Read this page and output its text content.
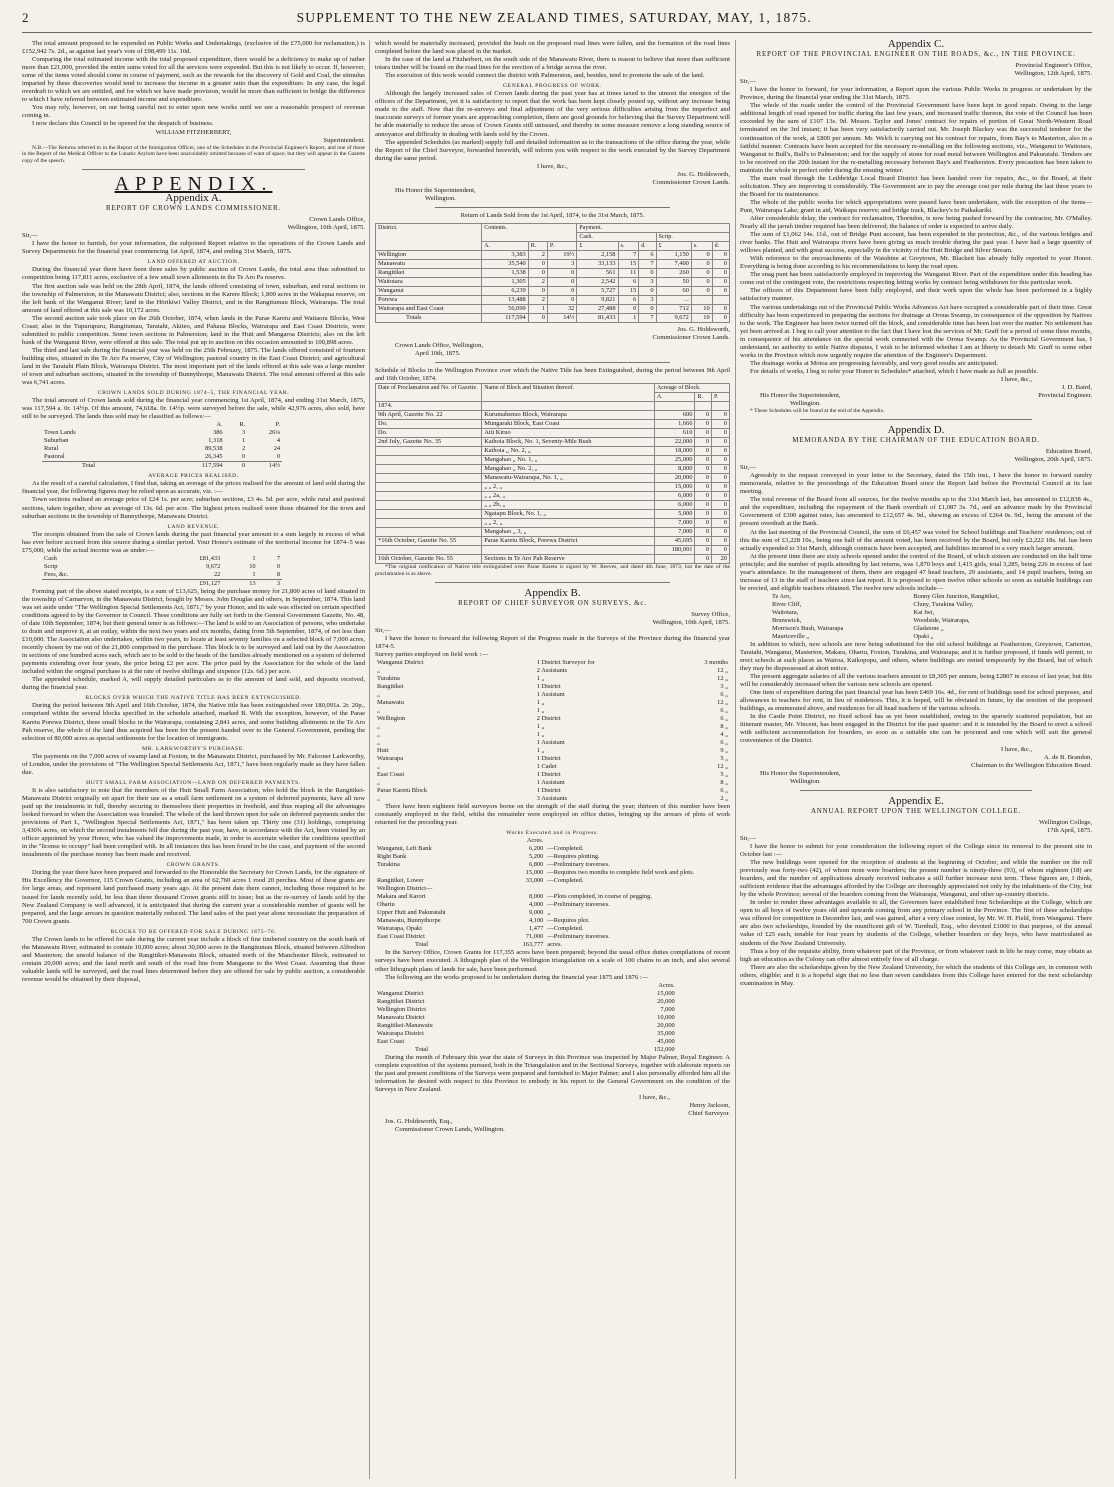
2	SUPPLEMENT TO THE NEW ZEALAND TIMES, SATURDAY, MAY, 1, 1875.

The total amount proposed to be expended on Public Works and Undertakings, (exclusive of the £75,000 for reclamation,) is £152,942 7s. 2d., as against last year's vote of £98,499 11s. 10d.

Comparing the total estimated income with the total proposed expenditure, there would be a deficiency to make up of rather more than £21,000, provided the entire sums voted for all the services were expended. But this is not likely to occur. If, however, some of the items voted should come in course of payment, such as the rewards for the discovery of Gold and Coal, the stimulus imparted by these discoveries would tend to increase the income in a greater ratio than the expenditure. In any case, the legal overdraft to which we are entitled, and for which we have made provision, would be more than sufficient to bridge the difference to which I have referred between estimated income and expenditure.

You may rely, however, on our being careful not to enter upon new works until we see a reasonable prospect of revenue coming in.

I now declare this Council to be opened for the despatch of business.

WILLIAM FITZHERBERT,

Superintendent.

N.B.—The Returns referred to in the Report of the Immigration Officer, one of the Schedules in the Provincial Engineer's Report, and one of those in the Report of the Medical Officer to the Lunatic Asylum have been unavoidably omitted because of want of space, but they will appear in the Gazette copy of the speech.

APPENDIX.
Appendix A.
REPORT OF CROWN LANDS COMMISSIONER.

Crown Lands Office,

Wellington, 10th April, 1875.

Sir,—

I have the honor to furnish, for your information, the subjoined Report relative to the operations of the Crown Lands and Survey Departments for the financial year commencing 1st April, 1874, and ending 31st March, 1875.

LAND OFFERED AT AUCTION.

During the financial year there have been three sales by public auction of Crown Lands, the total area thus submitted to competition being 117,811 acres, exclusive of a few small town allotments in the Te Aro Pa reserve.

The first auction sale was held on the 28th April, 1874, the lands offered consisting of town, suburban, and rural sections in the township of Palmerston, in the Manawatu District; also, sections in the Karere Block; 1,800 acres in the Wakapua reserve, on the left bank of the Wanganui River; land in the Hōrikiwi Valley District, and in the Rangitumau Block, Wairarapa. The total amount of land offered at this sale was 10,172 acres.

The second auction sale took place on the 26th October, 1874, when lands in the Parae Karetu and Waitaora Blocks, West Coast; also in the Tupurupuru, Rangitumau, Taratahi, Akiteo, and Pahaua Blocks, Wairarapa and East Coast Districts, were submitted to public competition. Some town sections in Palmerston; land in the Hutt and Mangaroa Districts; also on the left bank of the Wanganui River, were offered at this sale. The total put up to auction on this occasion amounted to 100,898 acres.

The third and last sale during the financial year was held on the 25th February, 1875. The lands offered consisted of fourteen building sites, situated in the Te Aro Pa reserve, City of Wellington; pastoral country in the East Coast District; and agricultural land in the Taratahi Plain Block, Wairarapa District. The most important part of the lands offered at this sale was a large number of town and suburban sections, situated in the township of Bunnythorpe, Manawatu District. The total amount offered at this sale was 6,741 acres.

CROWN LANDS SOLD DURING 1874–5, THE FINANCIAL YEAR.

The total amount of Crown lands sold during the financial year commencing 1st April, 1874, and ending 31st March, 1875, was 117,594 a. 0r. 14½p. Of this amount, 74,618a. 0r. 14½p. were surveyed before the sale, while 42,976 acres, also sold, have still to be surveyed. The lands thus sold may be classified as follows:—

	A.	R.	P.
Town Lands	386	3	26¼
Suburban	1,318	1	4
Rural	89,538	2	24
Pastoral	26,345	0	0
Total	117,594	0	14½

AVERAGE PRICES REALISED.

As the result of a careful calculation, I find that, taking an average of the prices realised for the amount of land sold during the financial year, the following figures may be relied upon as accurate, viz. :—

Town sections realised an average price of £24 1s. per acre; suburban sections, £3 4s. 5d. per acre, while rural and pastoral sections, taken together, show an average of 13s. 6d. per acre. The highest prices realised were those obtained for the town and suburban sections in the township of Bunnythorpe, Manawatu District.

LAND REVENUE.

The receipts obtained from the sale of Crown lands during the past financial year amount to a sum largely in excess of what has ever before accrued from this source during a similar period. Your Honor's estimate of the territorial income for 1874–5 was £75,000, while the actual income was as under:—

Cash	£81,433	1	7
Scrip	9,672	10	0
Fees, &c.	22	1	8
	£91,127	13	3

Forming part of the above stated receipts, is a sum of £13,625, being the purchase money for 21,800 acres of land situated in the township of Carnarvon, in the Manawatu District, bought by Messrs. John Douglas and others, in September, 1874. This land was set aside under "The Wellington Special Settlements Act, 1871," by your Honor, and its sale was effected on certain specified conditions agreed to by the Governor in Council. These conditions are fully set forth in the General Government Gazette, No. 48, of date 10th September, 1874; but their general tenor is as follows:—The land is sold to an Association of persons, who undertake to drain and improve it, at an outlay, within the next two years and six months, dating from 5th September, 1874, of not less than £10,000. The Association also undertakes, within two years, to locate at least seventy families on a selected block of 7,000 acres, recently chosen by me out of the 21,800 comprised in the purchase. This block is to be surveyed and laid out by the Association in sections of one hundred acres each, which are to be sold to the heads of the families already mentioned on a system of deferred payments extending over four years, the price being £2 per acre. The price paid by the Association for the whole of the land included within the original purchase is at the rate of twelve shillings and sixpence (12s. 6d.) per acre.

The appended schedule, marked A, will supply detailed particulars as to the amount of land sold, and deposits received, during the financial year.

BLOCKS OVER WHICH THE NATIVE TITLE HAS BEEN EXTINGUISHED.

During the period between 9th April and 16th October, 1874, the Native title has been extinguished over 180,091a. 2r. 20p., comprised within the several blocks specified in the schedule attached, marked B. With the exception, however, of the Parae Karetu Porewa District, three small blocks in the Wairarapa, containing 2,841 acres, and some building allotments in the Te Aro Pah reserve, the whole of the land thus acquired has been for the present handed over to the General Government, pending the selection of 80,000 acres as special settlements for the location of immigrants.

MR. LARKWORTHY'S PURCHASE.

The payments on the 7,000 acres of swamp land at Foxton, in the Manawatu District, purchased by Mr. Falconer Larkworthy, of London, under the provisions of "The Wellington Special Settlements Act, 1871," have been regularly made as they have fallen due.

HUTT SMALL FARM ASSOCIATION—LAND ON DEFERRED PAYMENTS.

It is also satisfactory to note that the members of the Hutt Small Farm Association, who hold the block in the Rangitikei-Manawatu District originally set apart for their use as a small farm settlement on a system of deferred payments, have all now paid up the instalments in full, thereby securing to themselves their properties in freehold, and thus reaping all the advantages looked forward to when the Association was founded. The whole of the land thrown open for sale on deferred payments under the provisions of Part I., "Wellington Special Settlements Act, 1871," has been taken up. Thirty one (31) holdings, comprising 3,430¾ acres, on which the second instalments fell due during the past year, have, in accordance with the Act, been visited by an officer appointed by your Honor, who has valued the improvements made, in order to ascertain whether the conditions specified in the "license to occupy" had been complied with. In all instances this has been found to be the case, and payment of the second instalments of the purchase money has been made and received.

CROWN GRANTS.

During the year there have been prepared and forwarded to the Honorable the Secretary for Crown Lands, for the signature of His Excellency the Governor, 115 Crown Grants, including an area of 62,760 acres 1 rood 20 perches. Most of these grants are for large areas, and represent land purchased many years ago. At the present date there cannot, including those required to be issued for lands recently sold, be less than three thousand Crown grants still to issue; but as the re-survey of lands sold by the New Zealand Company is well advanced, it is anticipated that during the current year a considerable number of grants will be prepared, and the large arrears in question materially reduced. The land sales of the past year alone necessitate the preparation of 700 Crown grants.

BLOCKS TO BE OFFERED FOR SALE DURING 1875–76.

The Crown lands to be offered for sale during the current year include a block of fine timbered country on the south bank of the Manawatu River, estimated to contain 10,000 acres; about 30,000 acres in the Rangitumau Block, situated between Alfredton and Masterton; the unsold balance of the Rangitikei-Manawatu Block, situated north of the Manchester Block, estimated to contain 20,000 acres; and the land north and south of the road line from Mangaone to the West Coast. Assuming that these valuable lands will be surveyed, and the road lines determined before they are offered for sale by public auction, a considerable revenue would be obtained by their disposal,

which would be materially increased, provided the bush on the proposed road lines were fallen, and the formation of the road lines completed before the land was placed in the market.

In the case of the land at Fitzherbert, on the south side of the Manawatu River, there is reason to believe that more than sufficient totara timber will be found on the road lines for the erection of a bridge across the river.

The execution of this work would connect the district with Palmerston, and, besides, tend to promote the sale of the land.

GENERAL PROGRESS OF WORK.

Although the largely increased sales of Crown lands during the past year has at times taxed to the utmost the energies of the officers of the Department, yet it is satisfactory to report that the work has been kept closely posted up, without any increase being made to the staff. Now that the re-surveys and final adjustment of the very serious difficulties arising from the imperfect and inaccurate surveys of former years are approaching completion, there are good grounds for believing that the Survey Department will be able materially to reduce the areas of Crown Grants still unissued, and thereby in some measure remove a long standing source of annoyance and difficulty in dealing with lands sold by the Crown.

The appended Schedules (as marked) supply full and detailed information as to the transactions of the office during the year, while the Report of the Chief Surveyor, forwarded herewith, will inform you with respect to the work executed by the Survey Department during the same period.

I have, &c.,

Jos. G. Holdsworth,

Commissioner Crown Lands.

His Honor the Superintendent,

Wellington.

Return of Lands Sold from the 1st April, 1874, to the 31st March, 1875.

District.	Contents.			Payment.					
				Cash.			Scrip.		
	A.	R.	P.	£	s.	d.	£	s.	d.
Wellington	3,383	2	19½	2,158	7	6	1,150	0	0
Manawatu	35,540	0	3	33,133	15	7	7,400	0	0
Rangitikei	1,538	0	0	561	11	0	260	0	0
Waitotara	1,305	2	0	2,542	6	3	50	0	0
Wanganui	6,239	0	0	5,727	15	0	60	0	0
Porewa	13,488	2	0	9,821	6	3	...		
Wairarapa and East Coast	56,099	1	32	27,488	0	0	712	10	0
Totals	117,594	0	14½	81,433	1	7	9,672	10	0

Jos. G. Holdsworth,

Commissioner Crown Lands.

Crown Lands Office, Wellington,

April 10th, 1875.

Schedule of Blocks in the Wellington Province over which the Native Title has been Extinguished, during the period between 9th April and 16th October, 1874.

Date of Proclamation and No. of Gazette.	Name of Block and Situation thereof.	Acreage of Block.		
		A.	R.	P.
1874.				
9th April, Gazette No. 22	Kurumahenuo Block, Wairarapa	600	0	0
Do.	Mungaraki Block, East Coast	1,666	0	0
Do.	Aiti Kiruo	610	0	0
2nd July, Gazette No. 35	Kaihoia Block, No. 1, Seventy-Mile Bush	22,000	0	0
	Kaihoia „ No. 2, „	18,000	0	0
	Mangahao „ No. 1, „	25,000	0	0
	Mangahao „ No. 2, „	8,000	0	0
	Manawatu-Wairarapa, No. 1, „	20,000	0	0
	„ „ 2, „	15,000	0	0
	„ „ 2a, „	6,000	0	0
	„ „ 2b, „	6,000	0	0
	Ngatapu Block, No. 1, „	5,000	0	0
	„ „ 2, „	7,000	0	0
	Mangahao „ 3, „	7,000	0	0
*16th October, Gazette No. 55	Parae Karetu Block, Porewa District	45,695	0	0
		180,091	0	0
16th October, Gazette No. 55	Sections in Te Aro Pah Reserve		0	20

*The original notification of Native title extinguished over Parae Karetu is signed by W. Reeves, and dated 4th June, 1873; but the date of the proclamation is as above.

Appendix B.
REPORT OF CHIEF SURVEYOR ON SURVEYS, &c.

Survey Office,

Wellington, 10th April, 1875.

Sir,—

I have the honor to forward the following Report of the Progress made in the Surveys of the Province during the financial year 1874-5.

Survey parties employed on field work :—

Wanganui District	1 District Surveyor for	3 months
„	2 Assistants	12 „
Turakina	1 „	12 „
Rangitikei	1 District	3 „
„	1 Assistant	6 „
Manawatu	1 „	12 „
„	1 „	6 „
Wellington	2 District	6 „
„	1 „	8 „
„	1 „	4 „
„	1 Assistant	6 „
Hutt	1 „	9 „
Wairarapa	1 District	5 „
„	1 Cadet	12 „
East Coast	1 District	5 „
„	1 Assistant	8 „
Parae Karetu Block	1 District	6 „
„	3 Assistants	2 „

There have been eighteen field surveyors borne on the strength of the staff during the year; thirteen of this number have been constantly employed in the field, whilst the remainder were employed on office duties, bringing up the arrears of plots of work returned for the preceding year.

Works Executed and in Progress.

	Acres.	
Wanganui, Left Bank	6,200	—Completed.
Right Bank	5,200	—Requires plotting.
Turakina	6,800	—Preliminary traverses.
	15,000	—Requires two months to complete field work and plots.
Rangitikei, Lower	33,000	—Completed.
Wellington District—		
Makara and Karori	8,000	—Plots completed, in course of pegging.
Ohariu	4,000	—Preliminary traverses.
Upper Hutt and Pakuratahi	9,000	„
Manawatu, Bunnythorpe	4,100	—Requires plot.
Wairarapa, Opaki	1,477	—Completed.
East Coast District	71,000	—Preliminary traverses.
Total	163,777	acres.

In the Survey Office, Crown Grants for 117,355 acres have been prepared; beyond the usual office duties compilations of recent surveys have been executed. A lithograph plan of the Wellington triangulation on a scale of 100 chains to an inch, and also several other lithograph plans of lands for sale, have been performed.

The following are the works proposed to be undertaken during the financial year 1875 and 1876 :—

	Acres.
Wanganui District	15,000
Rangitikei District	20,000
Wellington District	7,000
Manawatu District	10,000
Rangitikei-Manawatu	20,000
Wairarapa District	35,000
East Coast	45,000
Total	152,000

During the month of February this year the state of Surveys in this Province was inspected by Major Palmer, Royal Engineer. A complete exposition of the systems pursued, both in the Triangulation and in the Sectional Surveys, together with elaborate reports on the past and present conditions of the Surveys were prepared and furnished to Major Palmer; and I also personally afforded him all the information he desired with respect to this Province to embody in his report to the General Government on the condition of the Surveys in New Zealand.

I have, &c.,

Henry Jackson,

Chief Surveyor.

Jos. G. Holdsworth, Esq.,

Commissioner Crown Lands, Wellington.

Appendix C.
REPORT OF THE PROVINCIAL ENGINEER ON THE ROADS, &c., IN THE PROVINCE.

Provincial Engineer's Office,

Wellington, 12th April, 1875.

Sir,—

I have the honor to forward, for your information, a Report upon the various Public Works in progress or undertaken by the Province, during the financial year ending the 31st March, 1875.

The whole of the roads under the control of the Provincial Government have been kept in good repair. Owing to the large additional length of road opened for traffic during the last few years, and increased traffic thereon, the vote of the Council has been exceeded by the sum of £107 13s. 9d. Messrs. Taylor and Jones' contract for repairs of portion of Great North-Western Road terminated on the 3rd instant; it has been very satisfactorily carried out. Mr. Joseph Blackey was the successful tenderer for the continuation of the work, at £800 per annum. Mr. Welch is carrying out his contract for repairs, from Bay's to Masterton, also in a faithful manner. Contracts have been accepted for the necessary re-metalling on the following sections, viz., Wanganui to Waitotara, Wanganui to Bull's, Bull's to Palmerston; and for the supply of stone for road metal between Wellington and Pakuratahi. Tenders are to be received on the 20th instant for the re-metalling necessary between Bay's and Featherston. Every precaution has been taken to maintain the whole in perfect order during the ensuing winter.

The main road through the Lethbridge Local Board District has been handed over for repairs, &c., to the Board, at their solicitation. They are improving it considerably. The Government are to pay the average cost per mile during the last three years to the Board for its maintenance.

The whole of the public works for which appropriations were passed have been undertaken, with the exception of the items—Punt, Wairarapa Lake; grant in aid, Waikupa reserve; and bridge track, Blackey's to Paikakariki.

After considerable delay, the contract for reclamation, Thorndon, is now being pushed forward by the contractor, Mr. O'Malley. Nearly all the jarrah timber required has been delivered; the balance of order is expected to arrive daily.

The sum of £1,062 14s. 11d., out of Bridge Punt account, has been expended in the protection, &c., of the various bridges and river banks. The Hutt and Wairarapa rivers have been giving us much trouble during the past year. I have had a large quantity of willows planted, and with great success, especially in the vicinity of the Hutt Bridge and Silver Stream.

With reference to the encroachments of the Waiohine at Greytown, Mr. Blackett has already fully reported to your Honor. Everything is being done according to his recommendations to keep the road open.

The snag punt has been satisfactorily employed in improving the Wanganui River. Part of the expenditure under this heading has come out of the contingent vote, the restrictions respecting letting works by contract being withdrawn for this particular work.

The officers of this Department have been fully employed, and their work upon the whole has been performed in a highly satisfactory manner.

The various undertakings out of the Provincial Public Works Advances Act have occupied a considerable part of their time. Great difficulty has been experienced in preparing the sections for drainage at Oroua Swamp, in consequence of the opposition by Natives to the work. The Engineer has been twice turned off the block, and considerable time has been lost over the matter. No settlement has yet been arrived at. I beg to call your attention to the fact that I have lost the services of Mr. Graff for a period of some three months, in consequence of his attendance on the special work connected with the Oroua Swamp. As the Provincial Government has, I understand, no authority to settle Native disputes, I wish to be informed whether I am at liberty to detach Mr. Graff to some other works in the Province which now urgently require the attention of the Engineer's Department.

The drainage works at Motoa are progressing favorably, and very good results are anticipated.

For details of works, I beg to refer your Honor to Schedules* attached, which I have made as full as possible.

I have, &c.,

J. D. Baird,

His Honor the Superintendent,

Wellington.

Provincial Engineer.

* These Schedules will be found at the end of the Appendix.

Appendix D.
MEMORANDA BY THE CHAIRMAN OF THE EDUCATION BOARD.

Education Board,

Wellington, 20th April, 1875.

Sir,—

Agreeably to the request conveyed in your letter to the Secretary, dated the 15th inst., I have the honor to forward sundry memoranda, relative to the proceedings of the Education Board since the Report laid before the Provincial Council at its last meeting.

The total revenue of the Board from all sources, for the twelve months up to the 31st March last, has amounted to £12,838 4s., and the expenditure, including the repayment of the Bank overdraft of £1,087 3s. 7d., and an advance made by the Provincial Government of £300 against rates, has amounted to £12,657 4s. 9d., shewing an excess of £264 0s. 9d., being the amount of the present overdraft at the Bank.

At the last meeting of the Provincial Council, the sum of £6,457 was voted for School buildings and Teachers' residences; out of this the sum of £3,228 10s., being one half of the amount voted, has been received by the Board, but only £2,222 18s. 6d. has been actually expended to 31st March, although contracts have been accepted, and liabilities incurred to a very much larger amount.

At the present time there are sixty schools opened under the control of the Board, of which sixteen are conducted on the half time principle; and the number of pupils attending by last returns, was 1,870 boys and 1,415 girls, total 3,285, being 226 in excess of last year's attendance. In the management of them, there are engaged 47 head teachers, 29 assistants, and 14 pupil teachers, being an increase of 13 in the staff of teachers since last report. It is proposed to open twelve other schools so soon as suitable buildings can be erected, and eligible teachers obtained. The twelve new schools include—

Te Aro,	Bonny Glen Junction, Rangitikei,
River Cliff,	Cluny, Turakina Valley,
Waitotara,	Kai Iwi,
Brunswick,	Woodside, Wairarapa,
Morrison's Bush, Wairarapa	Gladstone „
Mauriceville „	Opaki „

In addition to which, new schools are now being substituted for the old school buildings at Featherston, Greytown, Carterton, Taratahi, Wanganui, Masterton, Makara, Ohariu, Foxton, Turakina, and Wairarapa; and it is further proposed, if funds will permit, to erect schools at such places as Wairoa, Kaikopopu, and others, where buildings are rented temporarily by the Board, but of which they may be dispossessed at short notice.

The present aggregate salaries of all the various teachers amount to £8,305 per annum, being £2807 in excess of last year, but this will be considerably increased when the various new schools are opened.

One item of expenditure during the past financial year has been £469 16s. 4d., for rent of buildings used for school purposes, and allowances to teachers for rent, in lieu of residences. This, it is hoped, will be obviated in future, by the erection of the proposed buildings, as enumerated above, and residences for all head teachers of the various schools.

In the Castle Point District, no fixed school has as yet been established, owing to the sparsely scattered population, but an itinerant master, Mr. Vincent, has been engaged in the District for the past quarter: and it is intended by the Board to erect a school with sufficient accommodation for boarders, so soon as a suitable site can be procured and one which will suit the general convenience of the District.

I have, &c.,

A. de B. Brandon,

Chairman to the Wellington Education Board.

His Honor the Superintendent,

Wellington.

Appendix E.
ANNUAL REPORT UPON THE WELLINGTON COLLEGE.

Wellington College,

17th April, 1875.

Sir,—

I have the honor to submit for your consideration the following report of the College since its removal to the present site in October last :—

The new buildings were opened for the reception of students at the beginning of October, and while the number on the roll previously was forty-two (42), of whom none were boarders; the present number is ninety-three (93), of whom eighteen (18) are boarders, and the number of applications already received indicates a still further increase next term. These figures are, I think, sufficient evidence that the advantages afforded by the College are thoroughly appreciated not only by the inhabitants of the City, but by the whole Province; several of the boarders coming from the Wairarapa, Wanganui, and other up-country districts.

In order to render these advantages available to all, the Governors have established four Scholarships at the College, which are open to all boys of twelve years old and upwards coming from any primary school in the Province. The first of these scholarships was offered for competition in December last, and was gained, after a very close contest, by Mr. W. H. Field, from Wanganui. There are also two scholarships, founded by the munificent gift of W. Turnbull, Esq., who devoted £1000 to that purpose, of the annual value of £25 each, tenable for four years by students of the College, whether boarders or day boys, who have matriculated as students of the New Zealand University.

Thus a boy of the requisite ability, from whatever part of the Province, or from whatever rank in life he may come, may obtain as high an education as the Colony can offer almost entirely free of all charge.

There are also the scholarships given by the New Zealand University, for which the students of this College are, in common with others, eligible; and it is a hopeful sign that no less than seven candidates from this College have entered for the next scholarship examination in May.
